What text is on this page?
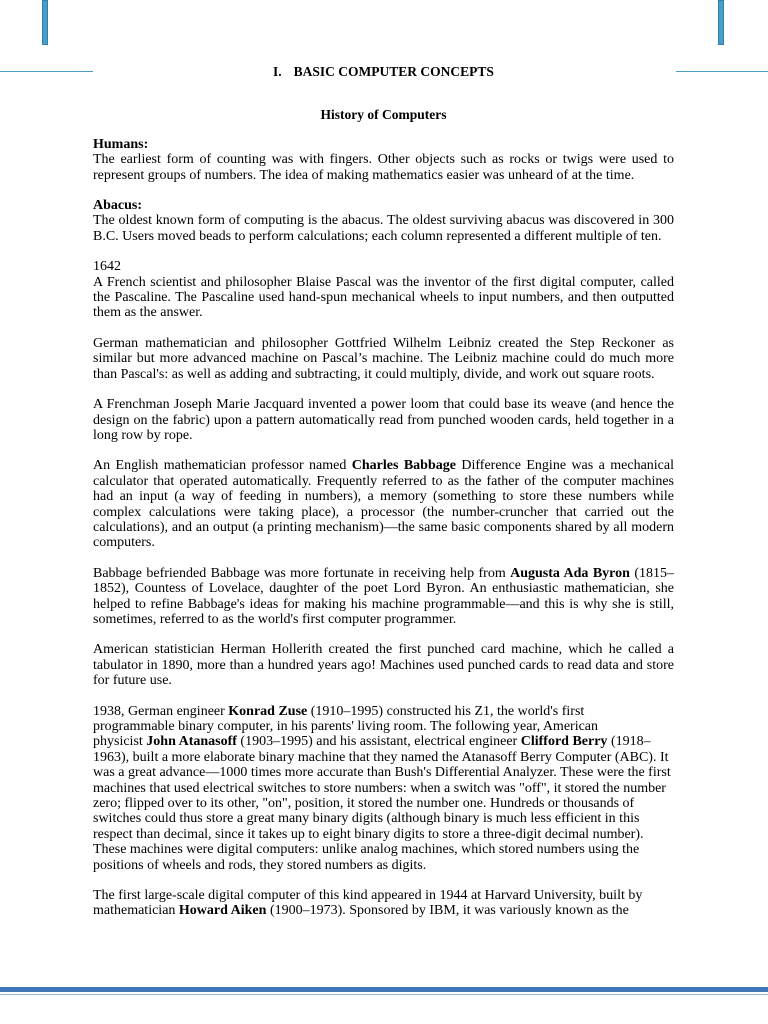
I. BASIC COMPUTER CONCEPTS
History of Computers
Humans:

The earliest form of counting was with fingers. Other objects such as rocks or twigs were used to represent groups of numbers. The idea of making mathematics easier was unheard of at the time.

Abacus:

The oldest known form of computing is the abacus. The oldest surviving abacus was discovered in 300 B.C. Users moved beads to perform calculations; each column represented a different multiple of ten.

1642

A French scientist and philosopher Blaise Pascal was the inventor of the first digital computer, called the Pascaline. The Pascaline used hand-spun mechanical wheels to input numbers, and then outputted them as the answer.

German mathematician and philosopher Gottfried Wilhelm Leibniz created the Step Reckoner as similar but more advanced machine on Pascal’s machine. The Leibniz machine could do much more than Pascal's: as well as adding and subtracting, it could multiply, divide, and work out square roots.

A Frenchman Joseph Marie Jacquard invented a power loom that could base its weave (and hence the design on the fabric) upon a pattern automatically read from punched wooden cards, held together in a long row by rope.

An English mathematician professor named Charles Babbage Difference Engine was a mechanical calculator that operated automatically. Frequently referred to as the father of the computer machines had an input (a way of feeding in numbers), a memory (something to store these numbers while complex calculations were taking place), a processor (the number-cruncher that carried out the calculations), and an output (a printing mechanism)—the same basic components shared by all modern computers.

Babbage befriended Babbage was more fortunate in receiving help from Augusta Ada Byron (1815–1852), Countess of Lovelace, daughter of the poet Lord Byron. An enthusiastic mathematician, she helped to refine Babbage's ideas for making his machine programmable—and this is why she is still, sometimes, referred to as the world's first computer programmer.

American statistician Herman Hollerith created the first punched card machine, which he called a tabulator in 1890, more than a hundred years ago! Machines used punched cards to read data and store for future use.

1938, German engineer Konrad Zuse (1910–1995) constructed his Z1, the world's first
programmable binary computer, in his parents' living room. The following year, American
physicist John Atanasoff (1903–1995) and his assistant, electrical engineer Clifford Berry (1918–
1963), built a more elaborate binary machine that they named the Atanasoff Berry Computer (ABC). It was a great advance—1000 times more accurate than Bush's Differential Analyzer. These were the first machines that used electrical switches to store numbers: when a switch was "off", it stored the number zero; flipped over to its other, "on", position, it stored the number one. Hundreds or thousands of switches could thus store a great many binary digits (although binary is much less efficient in this respect than decimal, since it takes up to eight binary digits to store a three-digit decimal number). These machines were digital computers: unlike analog machines, which stored numbers using the positions of wheels and rods, they stored numbers as digits.
The first large-scale digital computer of this kind appeared in 1944 at Harvard University, built by mathematician Howard Aiken (1900–1973). Sponsored by IBM, it was variously known as the
